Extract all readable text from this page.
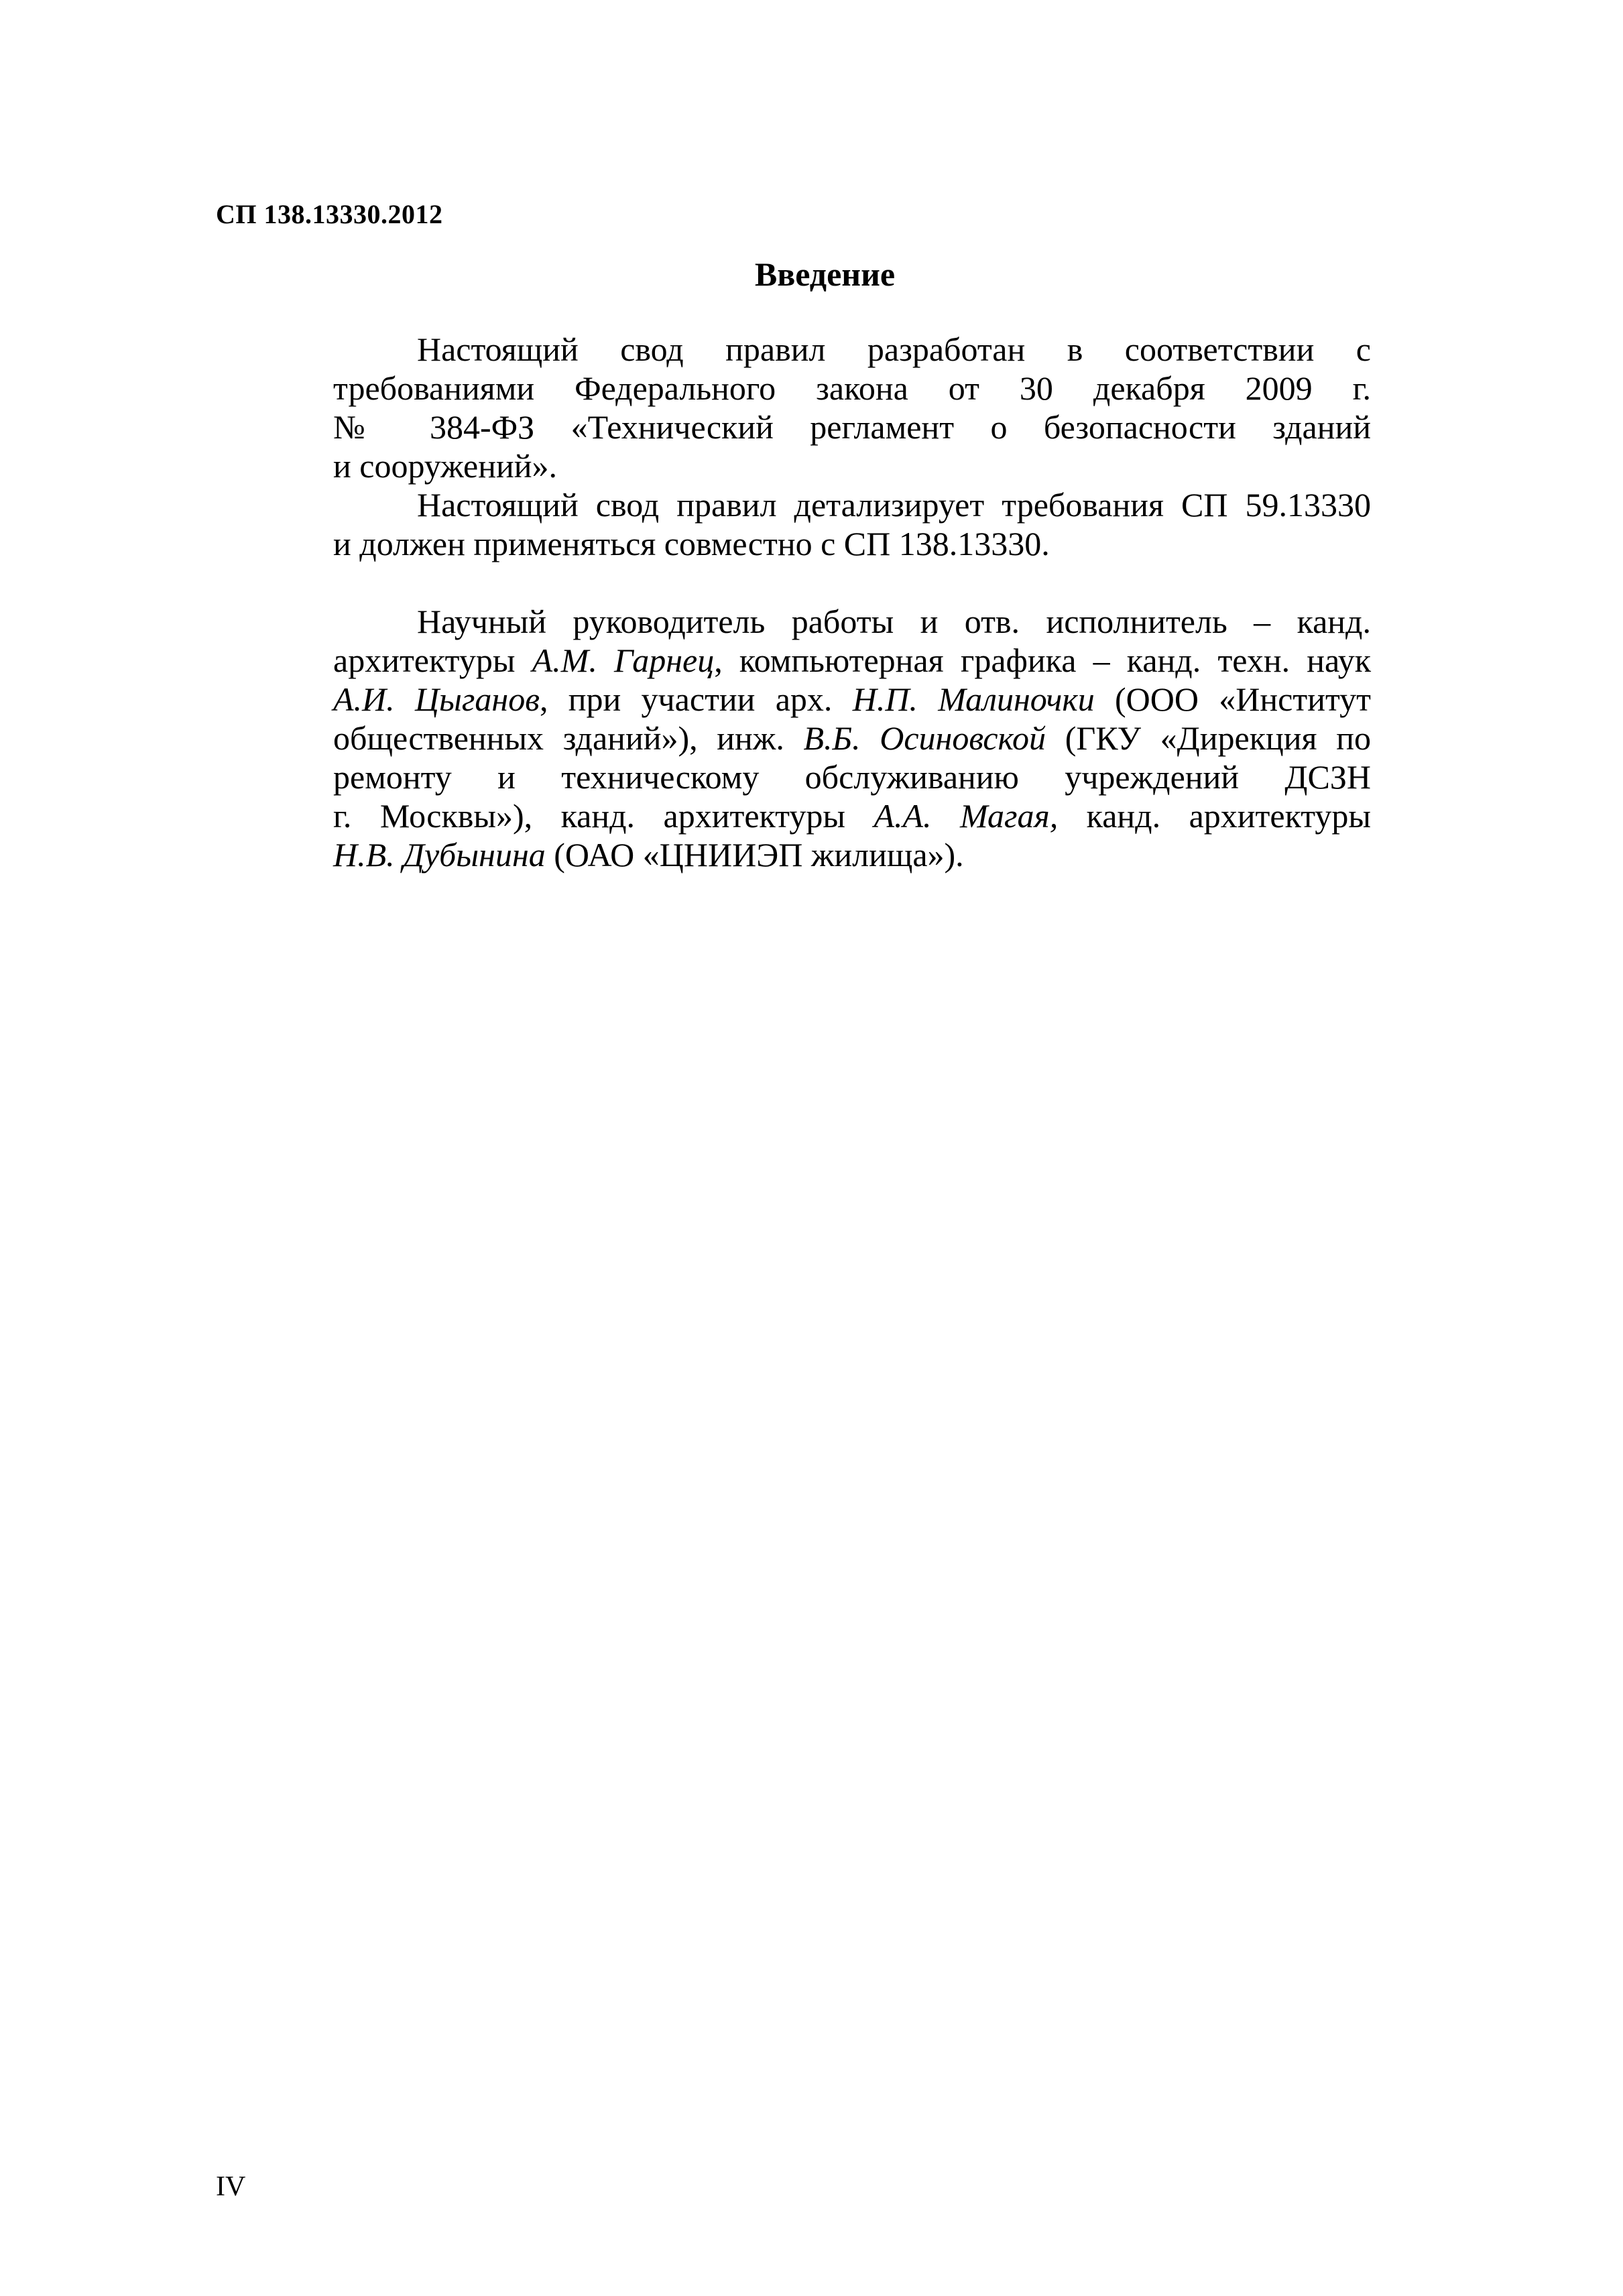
СП 138.13330.2012
Введение

Настоящий свод правил разработан в соответствии с
требованиями Федерального закона от 30 декабря 2009 г.
№ 384-ФЗ «Технический регламент о безопасности зданий
и сооружений».

Настоящий свод правил детализирует требования СП 59.13330
и должен применяться совместно с СП 138.13330.

Научный руководитель работы и отв. исполнитель – канд.
архитектуры А.М. Гарнец, компьютерная графика – канд. техн. наук
А.И. Цыганов, при участии арх. Н.П. Малиночки (ООО «Институт
общественных зданий»), инж. В.Б. Осиновской (ГКУ «Дирекция по
ремонту и техническому обслуживанию учреждений ДСЗН
г. Москвы»), канд. архитектуры А.А. Магая, канд. архитектуры
Н.В. Дубынина (ОАО «ЦНИИЭП жилища»).

IV
